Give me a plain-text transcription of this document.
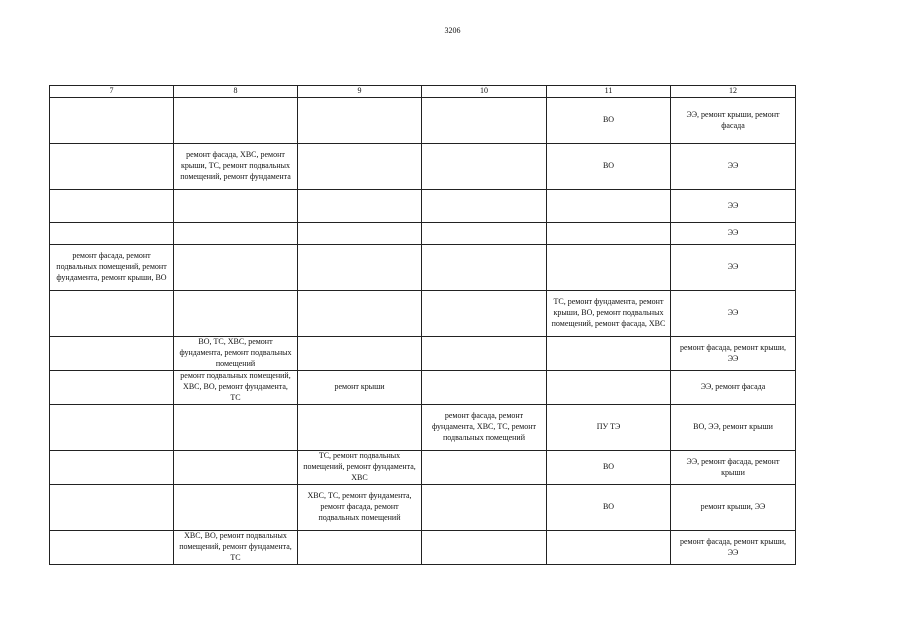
3206
7	8	9	10	11	12
				ВО	ЭЭ, ремонт крыши, ремонт фасада
	ремонт фасада, ХВС, ремонт крыши, ТС, ремонт подвальных помещений, ремонт фундамента			ВО	ЭЭ
					ЭЭ
					ЭЭ
ремонт фасада, ремонт подвальных помещений, ремонт фундамента, ремонт крыши, ВО					ЭЭ
				ТС, ремонт фундамента, ремонт крыши, ВО, ремонт подвальных помещений, ремонт фасада, ХВС	ЭЭ
	ВО, ТС, ХВС, ремонт фундамента, ремонт подвальных помещений				ремонт фасада, ремонт крыши, ЭЭ
	ремонт подвальных помещений, ХВС, ВО, ремонт фундамента, ТС	ремонт крыши			ЭЭ, ремонт фасада
			ремонт фасада, ремонт фундамента, ХВС, ТС, ремонт подвальных помещений	ПУ ТЭ	ВО, ЭЭ, ремонт крыши
		ТС, ремонт подвальных помещений, ремонт фундамента, ХВС		ВО	ЭЭ, ремонт фасада, ремонт крыши
		ХВС, ТС, ремонт фундамента, ремонт фасада, ремонт подвальных помещений		ВО	ремонт крыши, ЭЭ
	ХВС, ВО, ремонт подвальных помещений, ремонт фундамента, ТС				ремонт фасада, ремонт крыши, ЭЭ
